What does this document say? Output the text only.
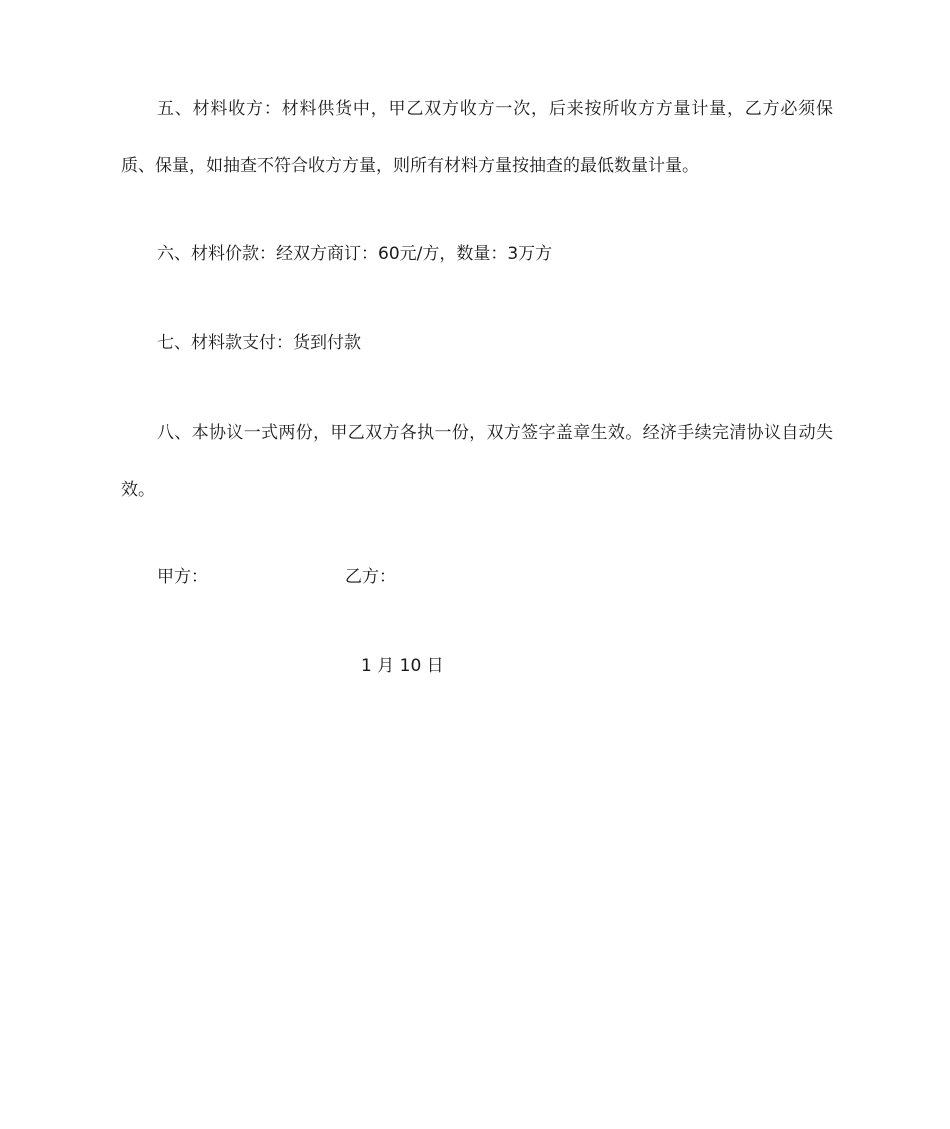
五、材料收方：材料供货中，甲乙双方收方一次，后来按所收方方量计量，乙方必须保质、保量，如抽查不符合收方方量，则所有材料方量按抽查的最低数量计量。

六、材料价款：经双方商订：60元/方，数量：3万方

七、材料款支付：货到付款

八、本协议一式两份，甲乙双方各执一份，双方签字盖章生效。经济手续完清协议自动失效。

甲方：	乙方：

1 月 10 日
